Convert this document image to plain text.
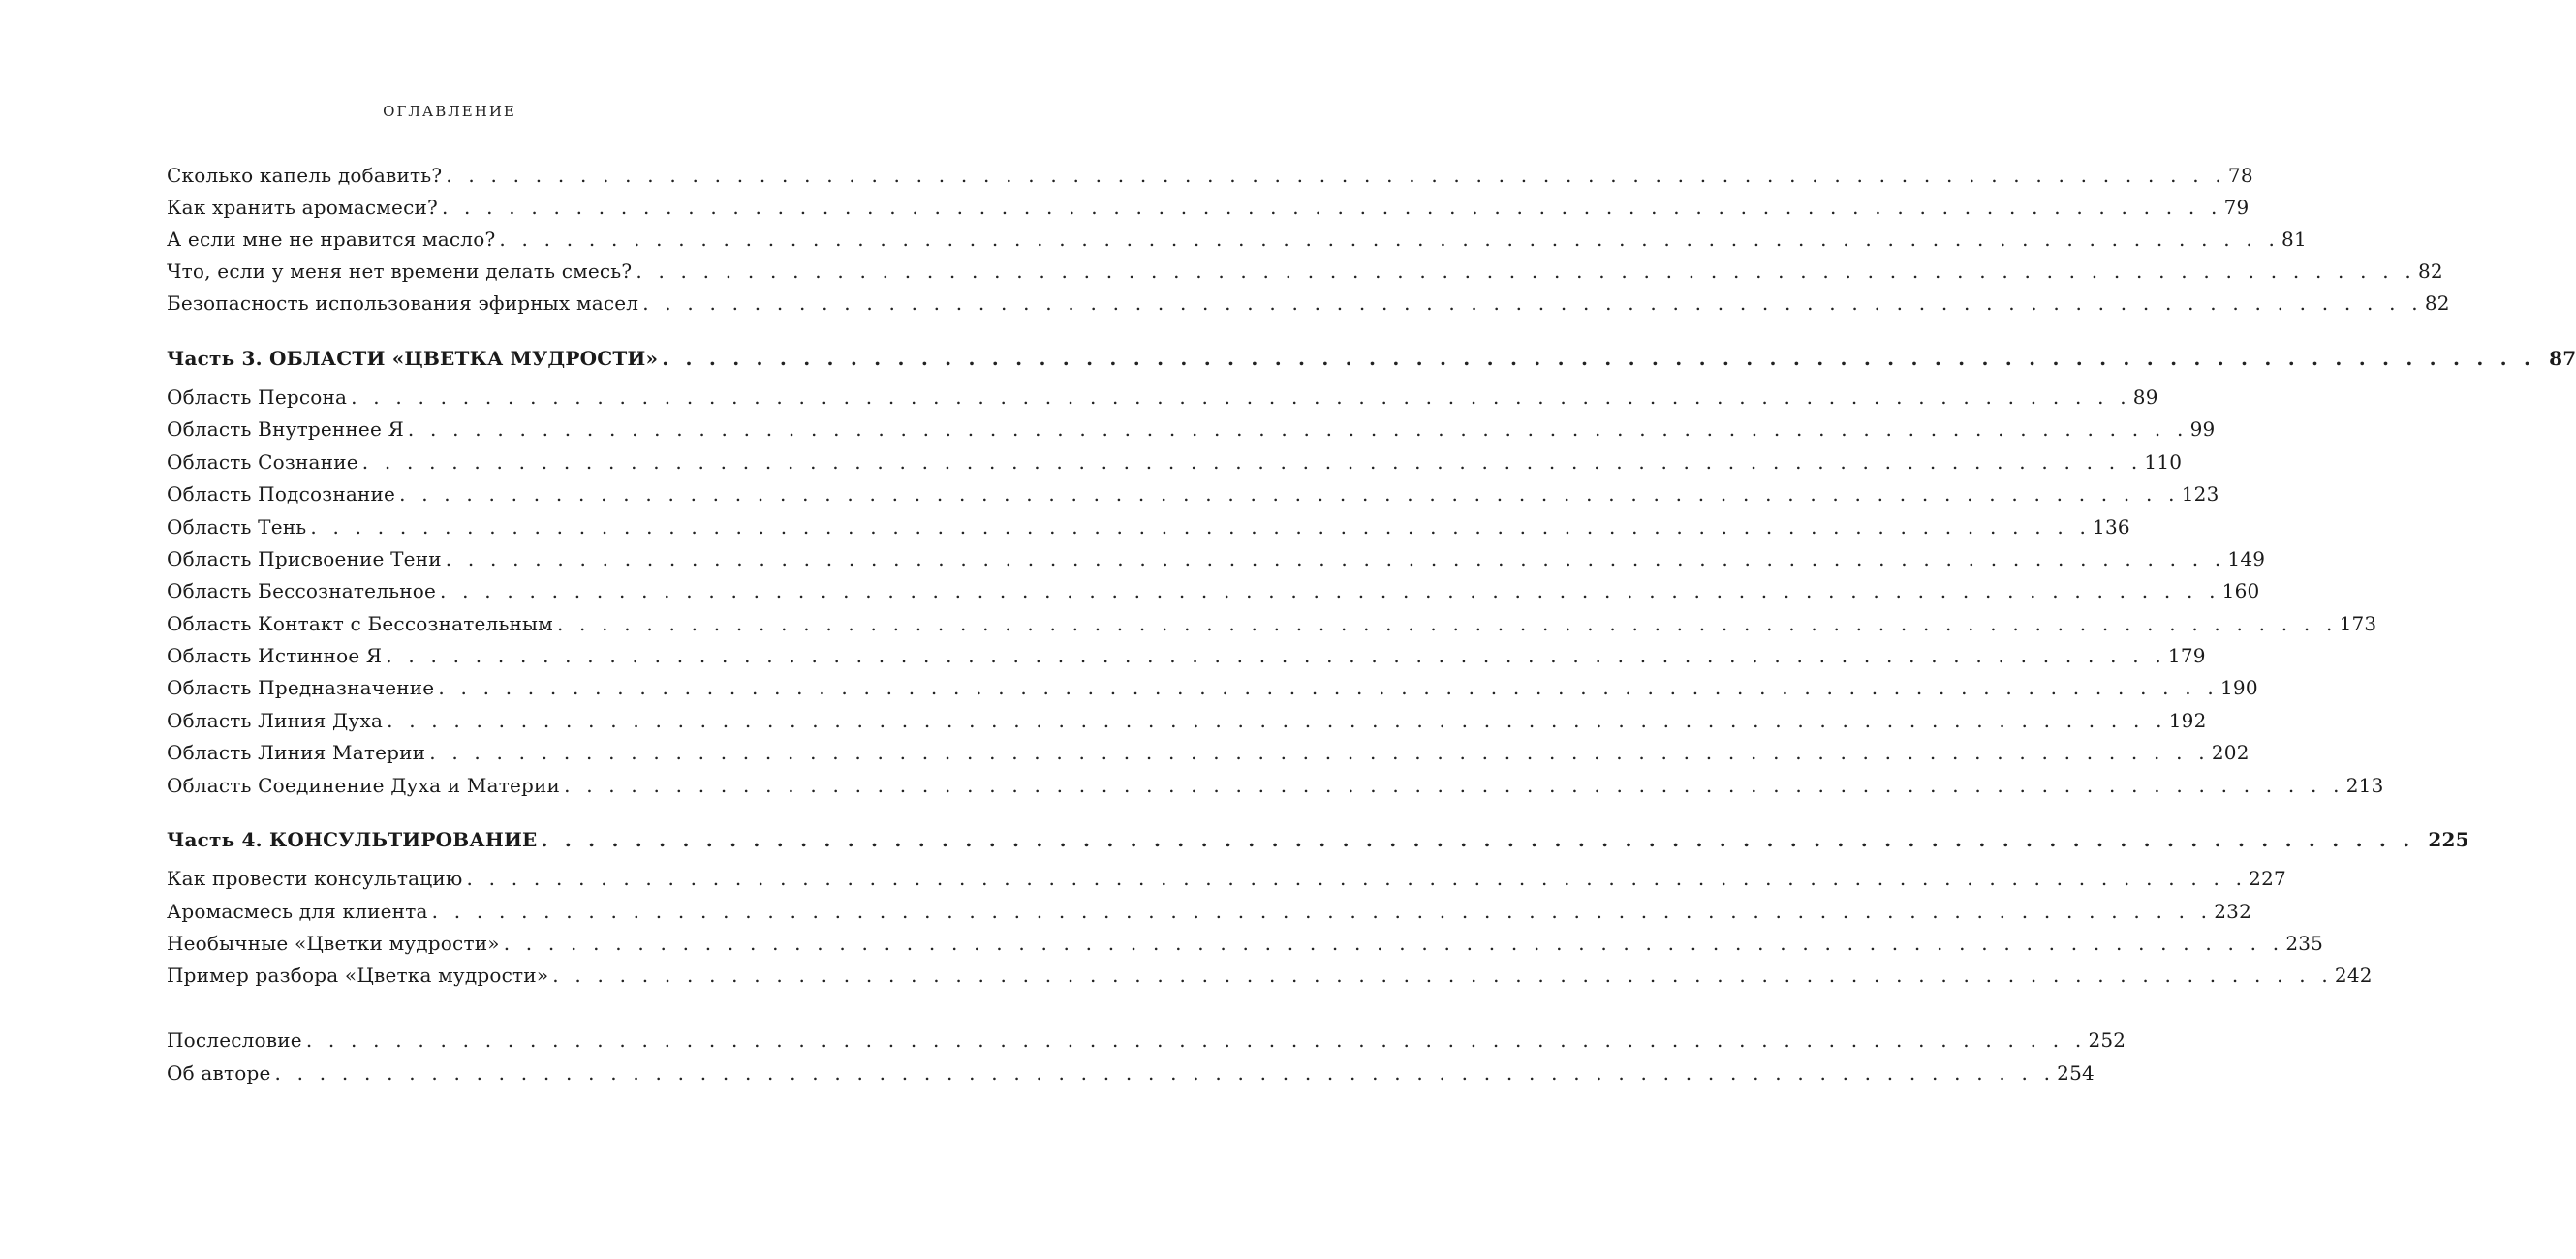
ОГЛАВЛЕНИЕ
Сколько капель добавить? . . . . . . . . . . . . . . . . . . . . . . . . . . . . . . . . . . . . . . . . . . . . . . . . . . . . . . . . . . . . . . . . . . . . . . . . . . . . . . . . 78
Как хранить аромасмеси? . . . . . . . . . . . . . . . . . . . . . . . . . . . . . . . . . . . . . . . . . . . . . . . . . . . . . . . . . . . . . . . . . . . . . . . . . . . . . . . . 79
А если мне не нравится масло? . . . . . . . . . . . . . . . . . . . . . . . . . . . . . . . . . . . . . . . . . . . . . . . . . . . . . . . . . . . . . . . . . . . . . . . . . . . . . . . . 81
Что, если у меня нет времени делать смесь? . . . . . . . . . . . . . . . . . . . . . . . . . . . . . . . . . . . . . . . . . . . . . . . . . . . . . . . . . . . . . . . . . . . . . . . . . . . . . . . . 82
Безопасность использования эфирных масел . . . . . . . . . . . . . . . . . . . . . . . . . . . . . . . . . . . . . . . . . . . . . . . . . . . . . . . . . . . . . . . . . . . . . . . . . . . . . . . . 82
Часть 3. ОБЛАСТИ «ЦВЕТКА МУДРОСТИ» . . . . . . . . . . . . . . . . . . . . . . . . . . . . . . . . . . . . . . . . . . . . . . . . . . . . . . . . . . . . . . . . . . . . . . . . . . . . . . . . 87
Область Персона . . . . . . . . . . . . . . . . . . . . . . . . . . . . . . . . . . . . . . . . . . . . . . . . . . . . . . . . . . . . . . . . . . . . . . . . . . . . . . . . 89
Область Внутреннее Я . . . . . . . . . . . . . . . . . . . . . . . . . . . . . . . . . . . . . . . . . . . . . . . . . . . . . . . . . . . . . . . . . . . . . . . . . . . . . . . . 99
Область Сознание . . . . . . . . . . . . . . . . . . . . . . . . . . . . . . . . . . . . . . . . . . . . . . . . . . . . . . . . . . . . . . . . . . . . . . . . . . . . . . . . 110
Область Подсознание . . . . . . . . . . . . . . . . . . . . . . . . . . . . . . . . . . . . . . . . . . . . . . . . . . . . . . . . . . . . . . . . . . . . . . . . . . . . . . . . 123
Область Тень . . . . . . . . . . . . . . . . . . . . . . . . . . . . . . . . . . . . . . . . . . . . . . . . . . . . . . . . . . . . . . . . . . . . . . . . . . . . . . . . 136
Область Присвоение Тени . . . . . . . . . . . . . . . . . . . . . . . . . . . . . . . . . . . . . . . . . . . . . . . . . . . . . . . . . . . . . . . . . . . . . . . . . . . . . . . . 149
Область Бессознательное . . . . . . . . . . . . . . . . . . . . . . . . . . . . . . . . . . . . . . . . . . . . . . . . . . . . . . . . . . . . . . . . . . . . . . . . . . . . . . . . 160
Область Контакт с Бессознательным . . . . . . . . . . . . . . . . . . . . . . . . . . . . . . . . . . . . . . . . . . . . . . . . . . . . . . . . . . . . . . . . . . . . . . . . . . . . . . . . 173
Область Истинное Я . . . . . . . . . . . . . . . . . . . . . . . . . . . . . . . . . . . . . . . . . . . . . . . . . . . . . . . . . . . . . . . . . . . . . . . . . . . . . . . . 179
Область Предназначение . . . . . . . . . . . . . . . . . . . . . . . . . . . . . . . . . . . . . . . . . . . . . . . . . . . . . . . . . . . . . . . . . . . . . . . . . . . . . . . . 190
Область Линия Духа . . . . . . . . . . . . . . . . . . . . . . . . . . . . . . . . . . . . . . . . . . . . . . . . . . . . . . . . . . . . . . . . . . . . . . . . . . . . . . . . 192
Область Линия Материи . . . . . . . . . . . . . . . . . . . . . . . . . . . . . . . . . . . . . . . . . . . . . . . . . . . . . . . . . . . . . . . . . . . . . . . . . . . . . . . . 202
Область Соединение Духа и Материи . . . . . . . . . . . . . . . . . . . . . . . . . . . . . . . . . . . . . . . . . . . . . . . . . . . . . . . . . . . . . . . . . . . . . . . . . . . . . . . . 213
Часть 4. КОНСУЛЬТИРОВАНИЕ . . . . . . . . . . . . . . . . . . . . . . . . . . . . . . . . . . . . . . . . . . . . . . . . . . . . . . . . . . . . . . . . . . . . . . . . . . . . . . . . 225
Как провести консультацию . . . . . . . . . . . . . . . . . . . . . . . . . . . . . . . . . . . . . . . . . . . . . . . . . . . . . . . . . . . . . . . . . . . . . . . . . . . . . . . . 227
Аромасмесь для клиента . . . . . . . . . . . . . . . . . . . . . . . . . . . . . . . . . . . . . . . . . . . . . . . . . . . . . . . . . . . . . . . . . . . . . . . . . . . . . . . . 232
Необычные «Цветки мудрости» . . . . . . . . . . . . . . . . . . . . . . . . . . . . . . . . . . . . . . . . . . . . . . . . . . . . . . . . . . . . . . . . . . . . . . . . . . . . . . . . 235
Пример разбора «Цветка мудрости» . . . . . . . . . . . . . . . . . . . . . . . . . . . . . . . . . . . . . . . . . . . . . . . . . . . . . . . . . . . . . . . . . . . . . . . . . . . . . . . . 242
Послесловие . . . . . . . . . . . . . . . . . . . . . . . . . . . . . . . . . . . . . . . . . . . . . . . . . . . . . . . . . . . . . . . . . . . . . . . . . . . . . . . . 252
Об авторе . . . . . . . . . . . . . . . . . . . . . . . . . . . . . . . . . . . . . . . . . . . . . . . . . . . . . . . . . . . . . . . . . . . . . . . . . . . . . . . . 254
